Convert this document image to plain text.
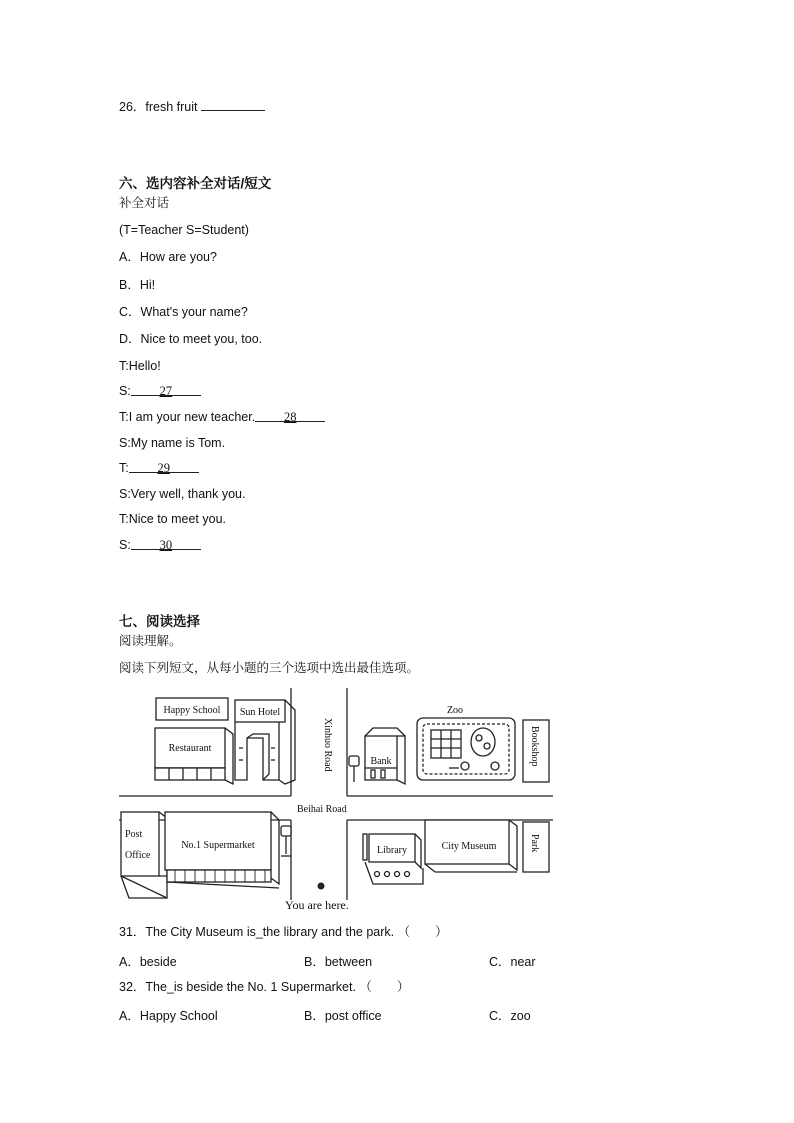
26．fresh fruit
六、选内容补全对话/短文
补全对话
(T=Teacher S=Student)
A．How are you?
B．Hi!
C．What's your name?
D．Nice to meet you, too.
T:Hello!
S: 27
T:I am your new teacher. 28
S:My name is Tom.
T: 29
S:Very well, thank you.
T:Nice to meet you.
S: 30
七、阅读选择
阅读理解。
阅读下列短文，从每小题的三个选项中选出最佳选项。
Happy School
Restaurant
Sun Hotel
Xinhuo Road	Bank
Zoo
Bookshop
Beihai Road
Post
Office
No.1 Supermarket
You are here.
Library	City Museum	Park
31．The City Museum is_the library and the park. （　　）
A．beside	B．between	C．near
32．The_is beside the No. 1 Supermarket. （　　）
A．Happy School	B．post office	C．zoo
